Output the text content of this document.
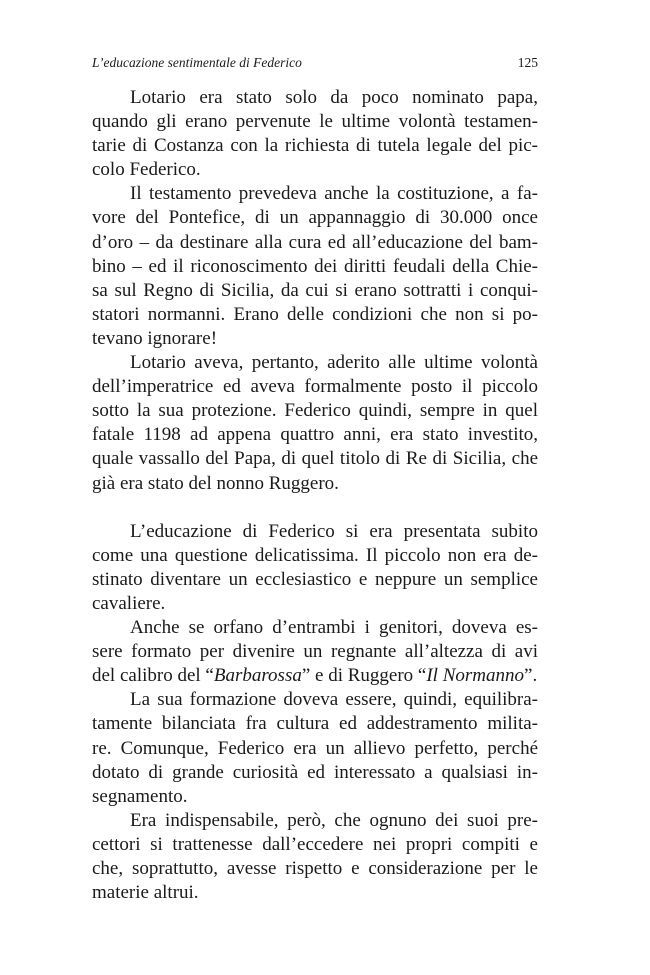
L’educazione sentimentale di Federico	125
Lotario era stato solo da poco nominato papa,
quando gli erano pervenute le ultime volontà testamen-
tarie di Costanza con la richiesta di tutela legale del pic-
colo Federico.
Il testamento prevedeva anche la costituzione, a fa-
vore del Pontefice, di un appannaggio di 30.000 once
d’oro – da destinare alla cura ed all’educazione del bam-
bino – ed il riconoscimento dei diritti feudali della Chie-
sa sul Regno di Sicilia, da cui si erano sottratti i conqui-
statori normanni. Erano delle condizioni che non si po-
tevano ignorare!
Lotario aveva, pertanto, aderito alle ultime volontà
dell’imperatrice ed aveva formalmente posto il piccolo
sotto la sua protezione. Federico quindi, sempre in quel
fatale 1198 ad appena quattro anni, era stato investito,
quale vassallo del Papa, di quel titolo di Re di Sicilia, che
già era stato del nonno Ruggero.
L’educazione di Federico si era presentata subito
come una questione delicatissima. Il piccolo non era de-
stinato diventare un ecclesiastico e neppure un semplice
cavaliere.
Anche se orfano d’entrambi i genitori, doveva es-
sere formato per divenire un regnante all’altezza di avi
del calibro del “Barbarossa” e di Ruggero “Il Normanno”.
La sua formazione doveva essere, quindi, equilibra-
tamente bilanciata fra cultura ed addestramento milita-
re. Comunque, Federico era un allievo perfetto, perché
dotato di grande curiosità ed interessato a qualsiasi in-
segnamento.
Era indispensabile, però, che ognuno dei suoi pre-
cettori si trattenesse dall’eccedere nei propri compiti e
che, soprattutto, avesse rispetto e considerazione per le
materie altrui.
